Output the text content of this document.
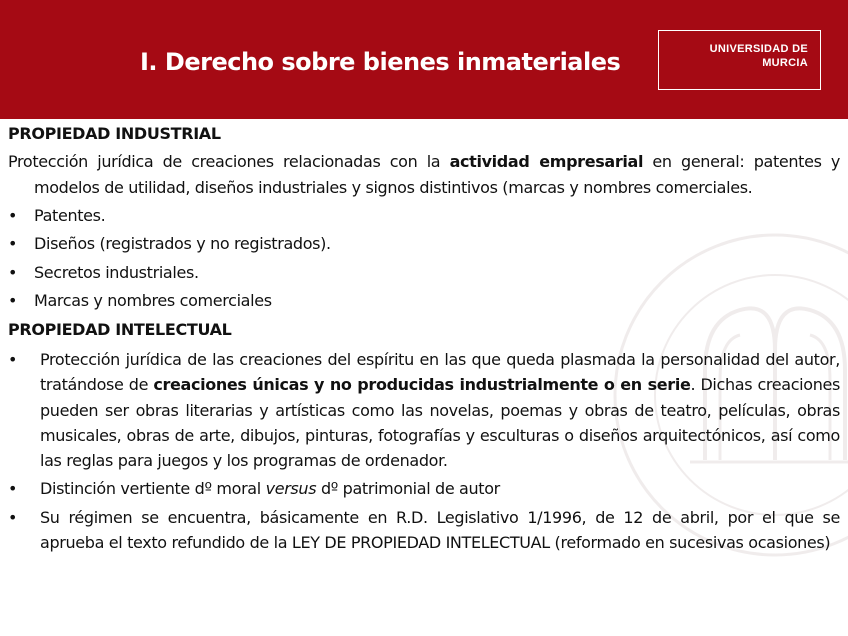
I. Derecho sobre bienes inmateriales	UNIVERSIDAD DE
MURCIA
PROPIEDAD INDUSTRIAL
Protección jurídica de creaciones relacionadas con la actividad empresarial en general: patentes y modelos de utilidad, diseños industriales y signos distintivos (marcas y nombres comerciales.
• Patentes.
• Diseños (registrados y no registrados).
• Secretos industriales.
• Marcas y nombres comerciales
PROPIEDAD INTELECTUAL
• Protección jurídica de las creaciones del espíritu en las que queda plasmada la personalidad del autor, tratándose de creaciones únicas y no producidas industrialmente o en serie. Dichas creaciones pueden ser obras literarias y artísticas como las novelas, poemas y obras de teatro, películas, obras musicales, obras de arte, dibujos, pinturas, fotografías y esculturas o diseños arquitectónicos, así como las reglas para juegos y los programas de ordenador.
• Distinción vertiente dº moral versus dº patrimonial de autor
• Su régimen se encuentra, básicamente en R.D. Legislativo 1/1996, de 12 de abril, por el que se aprueba el texto refundido de la LEY DE PROPIEDAD INTELECTUAL (reformado en sucesivas ocasiones)
